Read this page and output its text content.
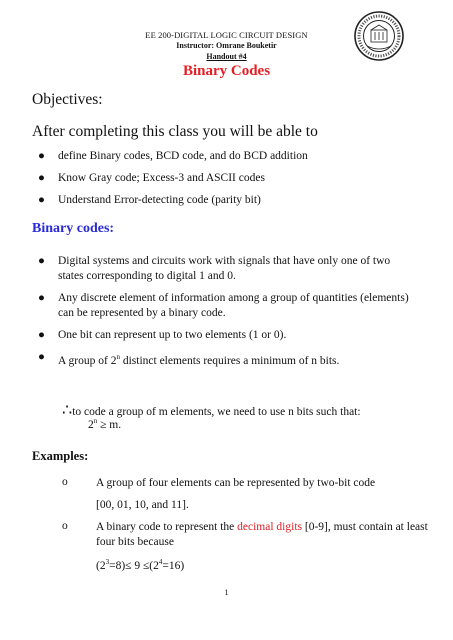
EE 200-DIGITAL LOGIC CIRCUIT DESIGN
Instructor: Omrane Bouketir
Handout #4
Binary Codes
Objectives:
After completing this class you will be able to
● define Binary codes, BCD code, and do BCD addition
● Know Gray code; Excess-3 and ASCII codes
● Understand Error-detecting code (parity bit)
Binary codes:
● Digital systems and circuits work with signals that have only one of two states corresponding to digital 1 and 0.
● Any discrete element of information among a group of quantities (elements) can be represented by a binary code.
● One bit can represent up to two elements (1 or 0).
● A group of 2$^n$ distinct elements requires a minimum of n bits.
∴to code a group of m elements, we need to use n bits such that:
$2^n \ge m$.
Examples:
o A group of four elements can be represented by two-bit code
[00, 01, 10, and 11].
o A binary code to represent the decimal digits [0-9], must contain at least four bits because
$(2^3=8)\le 9 \le(2^4=16)$
1
